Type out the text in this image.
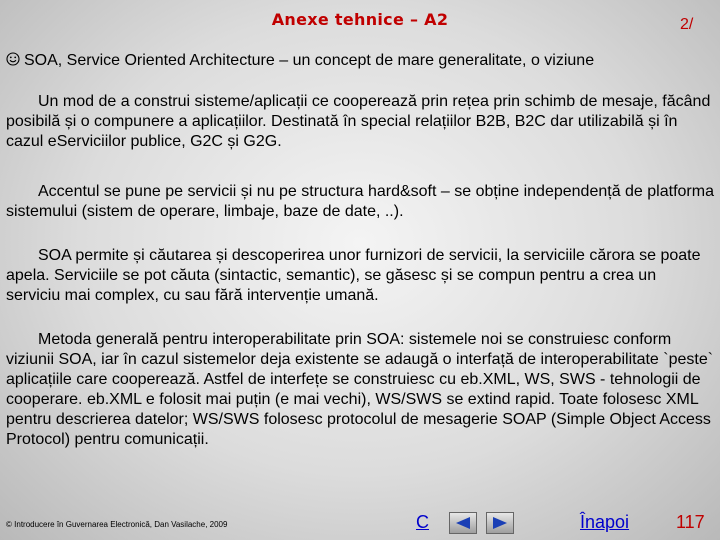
Anexe tehnice – A2	2/
SOA, Service Oriented Architecture – un concept de mare generalitate, o viziune

Un mod de a construi sisteme/aplicații ce cooperează prin rețea prin schimb de mesaje, făcând posibilă și o compunere a aplicațiilor. Destinată în special relațiilor B2B, B2C dar utilizabilă și în cazul eServiciilor publice, G2C și G2G.

Accentul se pune pe servicii și nu pe structura hard&soft – se obține independență de platforma sistemului (sistem de operare, limbaje, baze de date, ..).

SOA permite și căutarea și descoperirea unor furnizori de servicii, la serviciile cărora se poate apela. Serviciile se pot căuta (sintactic, semantic), se găsesc și se compun pentru a crea un serviciu mai complex, cu sau fără intervenție umană.

Metoda generală pentru interoperabilitate prin SOA: sistemele noi se construiesc conform viziunii SOA, iar în cazul sistemelor deja existente se adaugă o interfață de interoperabilitate `peste` aplicațiile care cooperează. Astfel de interfețe se construiesc cu eb.XML, WS, SWS - tehnologii de cooperare. eb.XML e folosit mai puțin (e mai vechi), WS/SWS se extind rapid. Toate folosesc XML pentru descrierea datelor; WS/SWS folosesc protocolul de mesagerie SOAP (Simple Object Access Protocol) pentru comunicații.

© Introducere în Guvernarea Electronică, Dan Vasilache, 2009	C	Înapoi	117
